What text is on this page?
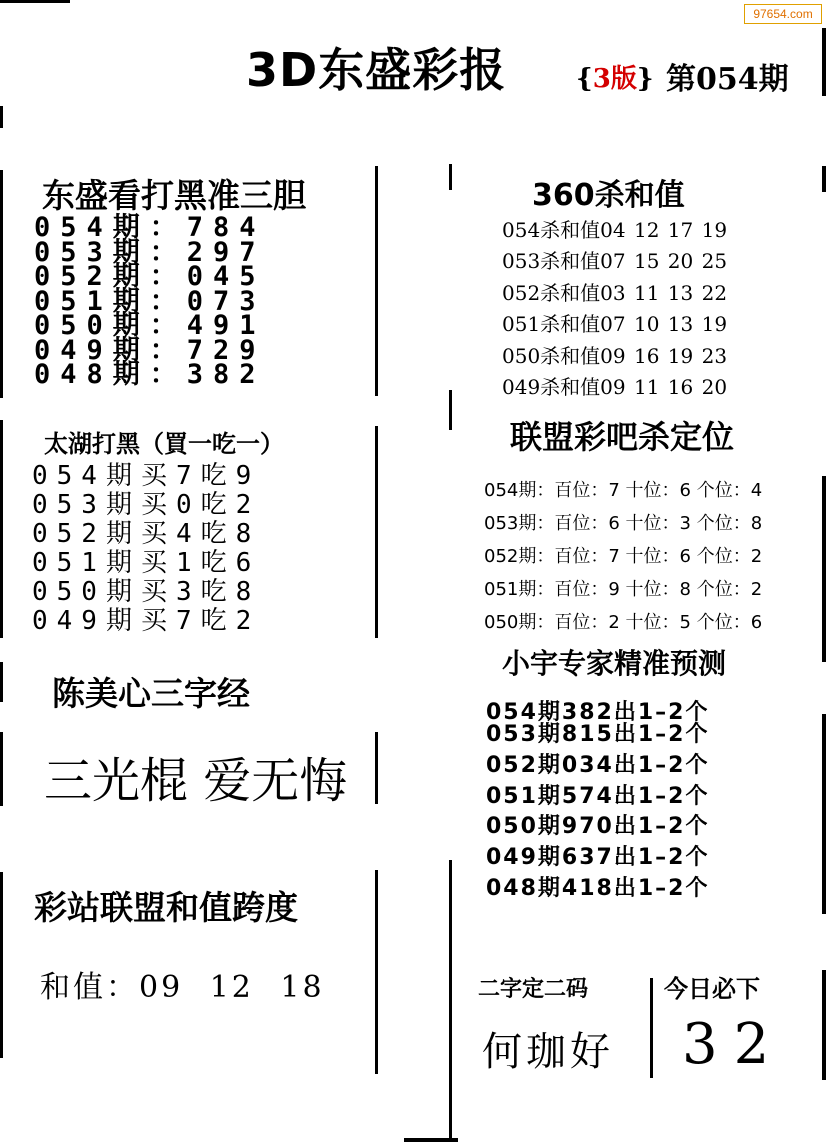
97654.com
3D东盛彩报	{3版} 第054期
东盛看打黑准三胆
054期：784
053期：297
052期：045
051期：073
050期：491
049期：729
048期：382
太湖打黑（買一吃一）
054期买7吃9
053期买0吃2
052期买4吃8
051期买1吃6
050期买3吃8
049期买7吃2
陈美心三字经
三光棍 爱无悔
彩站联盟和值跨度
和值：09 12 18
360杀和值
054杀和值04 12 17 19
053杀和值07 15 20 25
052杀和值03 11 13 22
051杀和值07 10 13 19
050杀和值09 16 19 23
049杀和值09 11 16 20
联盟彩吧杀定位
054期：百位：7 十位：6 个位：4
053期：百位：6 十位：3 个位：8
052期：百位：7 十位：6 个位：2
051期：百位：9 十位：8 个位：2
050期：百位：2 十位：5 个位：6
小宇专家精准预测
054期382出1–2个
053期815出1–2个
052期034出1–2个
051期574出1–2个
050期970出1–2个
049期637出1–2个
048期418出1–2个
二字定二码
何珈好
今日必下
32
